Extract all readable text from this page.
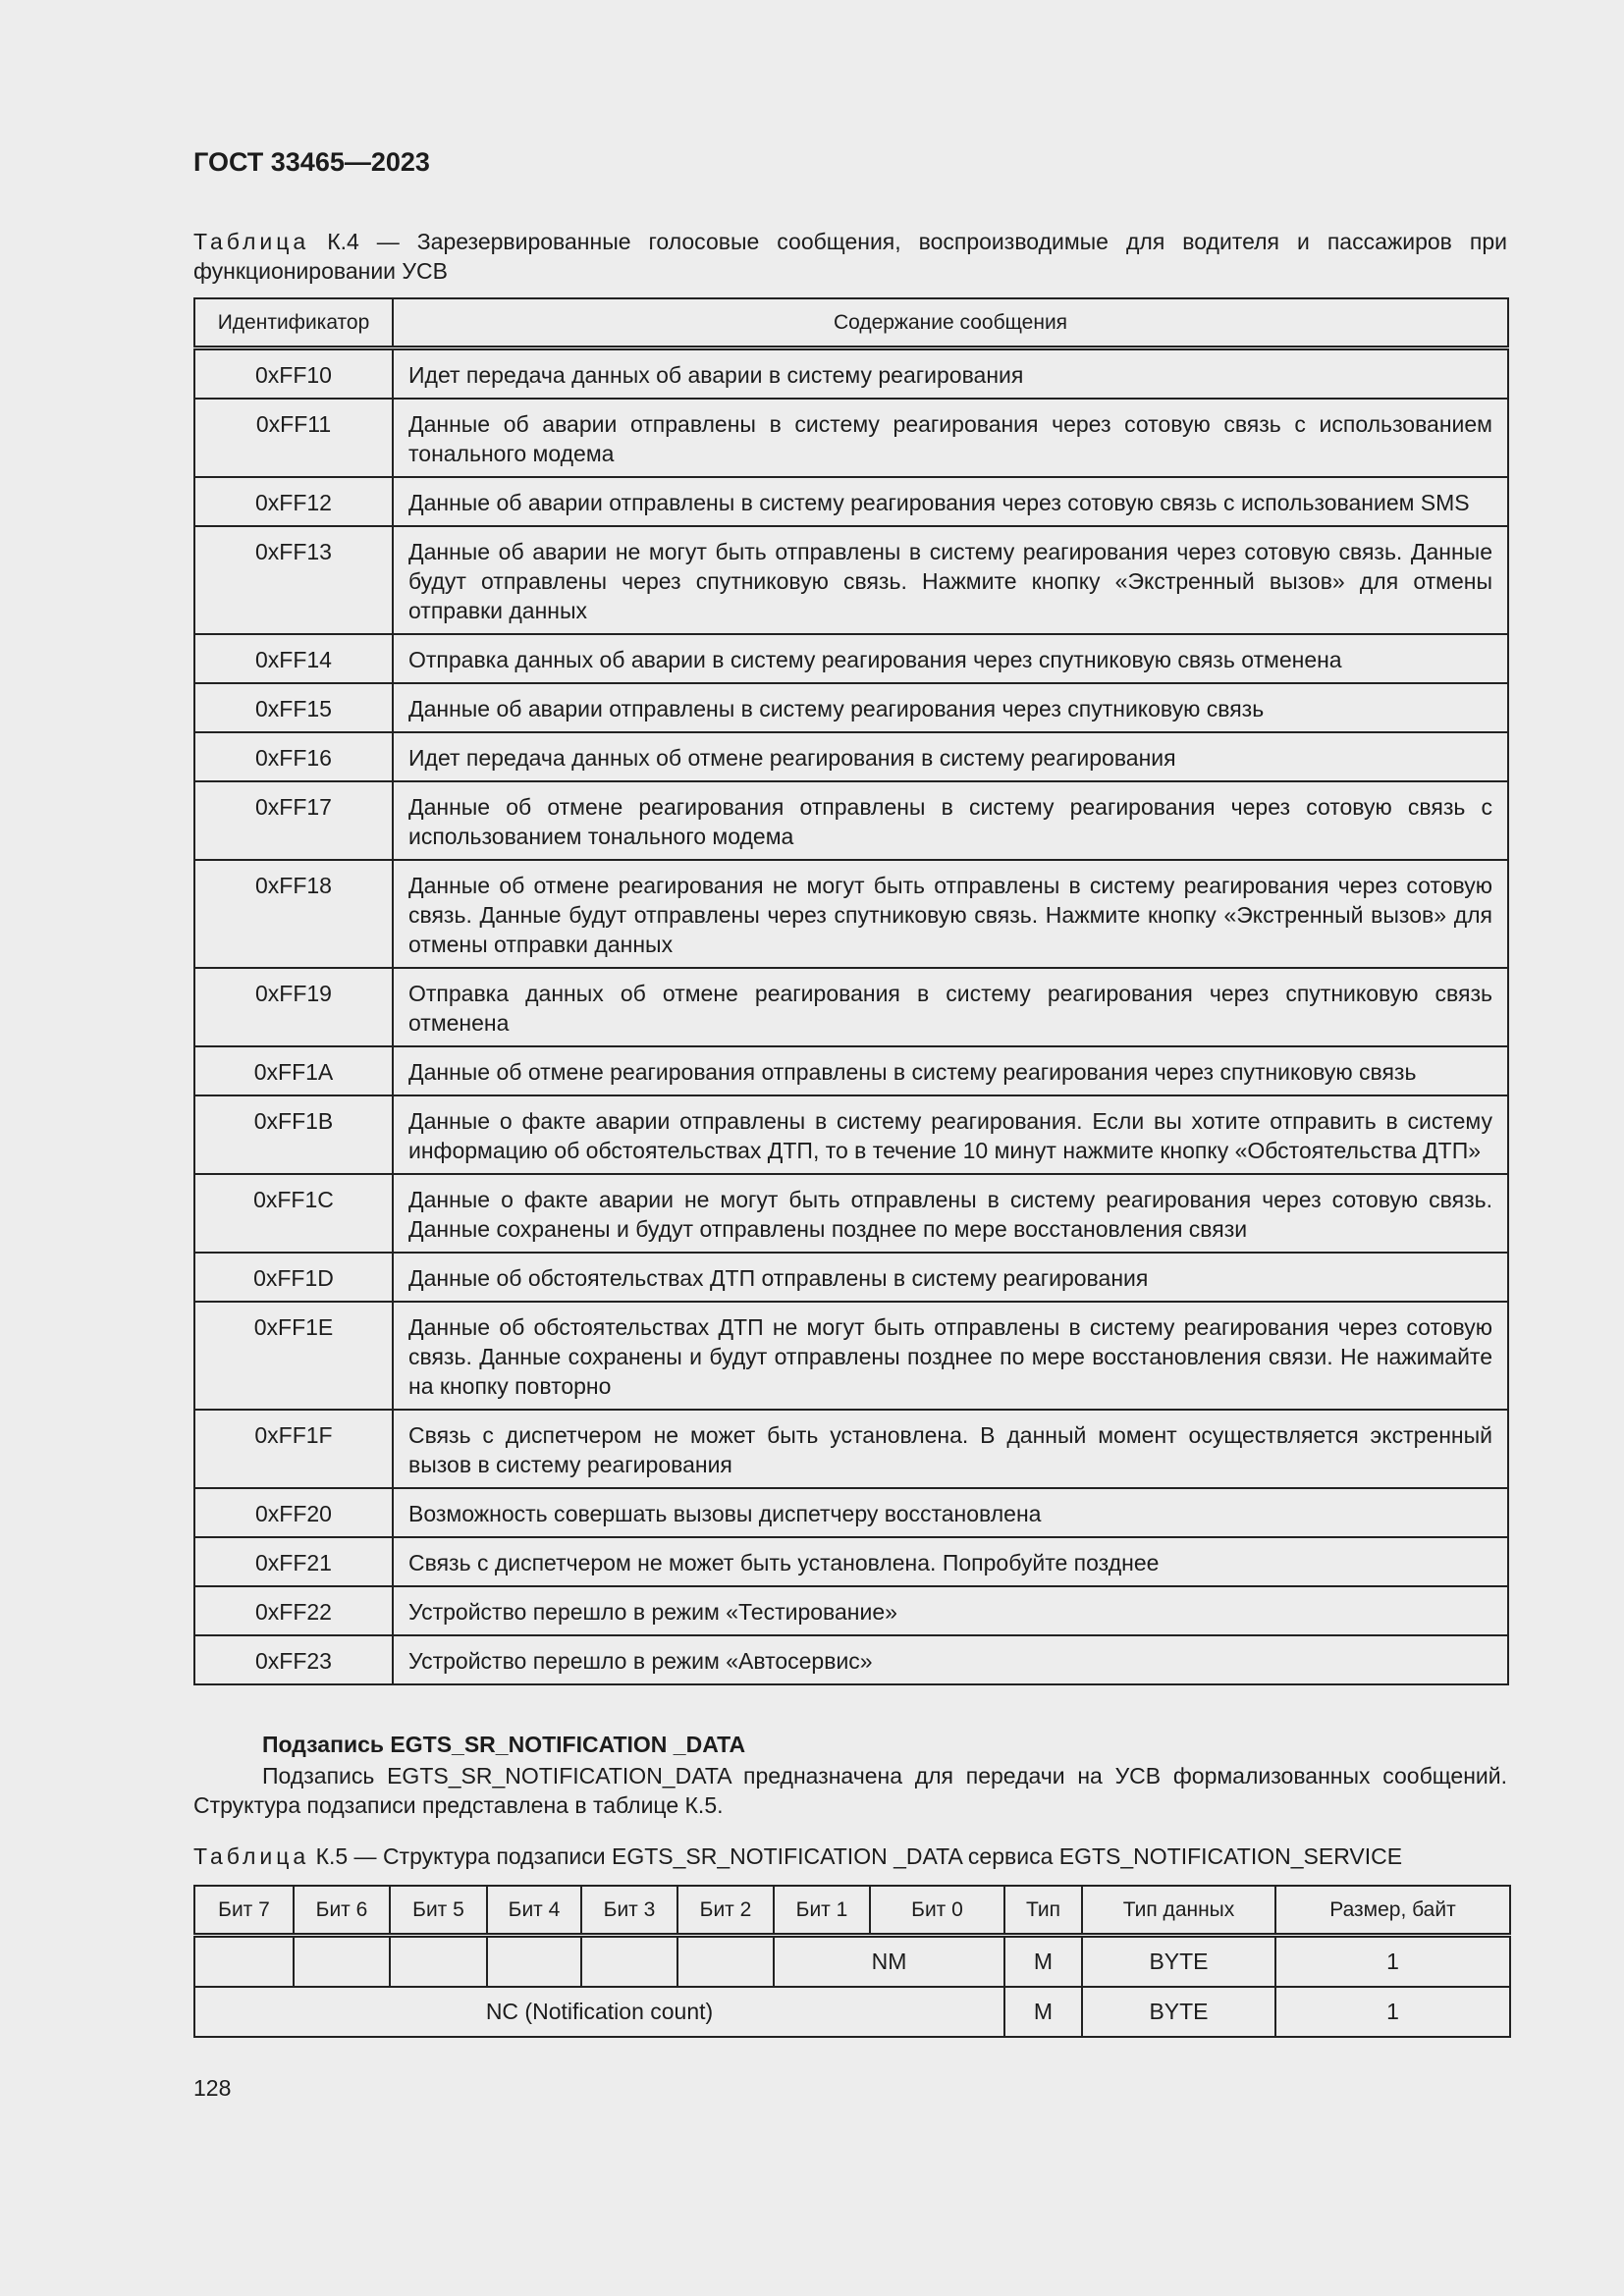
ГОСТ 33465—2023
Таблица К.4 — Зарезервированные голосовые сообщения, воспроизводимые для водителя и пассажиров при функционировании УСВ
Идентификатор	Содержание сообщения
0xFF10	Идет передача данных об аварии в систему реагирования
0xFF11	Данные об аварии отправлены в систему реагирования через сотовую связь с использованием тонального модема
0xFF12	Данные об аварии отправлены в систему реагирования через сотовую связь с использованием SMS
0xFF13	Данные об аварии не могут быть отправлены в систему реагирования через сотовую связь. Данные будут отправлены через спутниковую связь. Нажмите кнопку «Экстренный вызов» для отмены отправки данных
0xFF14	Отправка данных об аварии в систему реагирования через спутниковую связь отменена
0xFF15	Данные об аварии отправлены в систему реагирования через спутниковую связь
0xFF16	Идет передача данных об отмене реагирования в систему реагирования
0xFF17	Данные об отмене реагирования отправлены в систему реагирования через сотовую связь с использованием тонального модема
0xFF18	Данные об отмене реагирования не могут быть отправлены в систему реагирования через сотовую связь. Данные будут отправлены через спутниковую связь. Нажмите кнопку «Экстренный вызов» для отмены отправки данных
0xFF19	Отправка данных об отмене реагирования в систему реагирования через спутниковую связь отменена
0xFF1A	Данные об отмене реагирования отправлены в систему реагирования через спутниковую связь
0xFF1B	Данные о факте аварии отправлены в систему реагирования. Если вы хотите отправить в систему информацию об обстоятельствах ДТП, то в течение 10 минут нажмите кнопку «Обстоятельства ДТП»
0xFF1C	Данные о факте аварии не могут быть отправлены в систему реагирования через сотовую связь. Данные сохранены и будут отправлены позднее по мере восстановления связи
0xFF1D	Данные об обстоятельствах ДТП отправлены в систему реагирования
0xFF1E	Данные об обстоятельствах ДТП не могут быть отправлены в систему реагирования через сотовую связь. Данные сохранены и будут отправлены позднее по мере восстановления связи. Не нажимайте на кнопку повторно
0xFF1F	Связь с диспетчером не может быть установлена. В данный момент осуществляется экстренный вызов в систему реагирования
0xFF20	Возможность совершать вызовы диспетчеру восстановлена
0xFF21	Связь с диспетчером не может быть установлена. Попробуйте позднее
0xFF22	Устройство перешло в режим «Тестирование»
0xFF23	Устройство перешло в режим «Автосервис»
Подзапись EGTS_SR_NOTIFICATION _DATA
Подзапись EGTS_SR_NOTIFICATION_DATA предназначена для передачи на УСВ формализованных сообщений. Структура подзаписи представлена в таблице К.5.
Таблица К.5 — Структура подзаписи EGTS_SR_NOTIFICATION _DATA сервиса EGTS_NOTIFICATION_SERVICE
Бит 7	Бит 6	Бит 5	Бит 4	Бит 3	Бит 2	Бит 1	Бит 0	Тип	Тип данных	Размер, байт
						NM		M	BYTE	1
NC (Notification count)								M	BYTE	1
128
